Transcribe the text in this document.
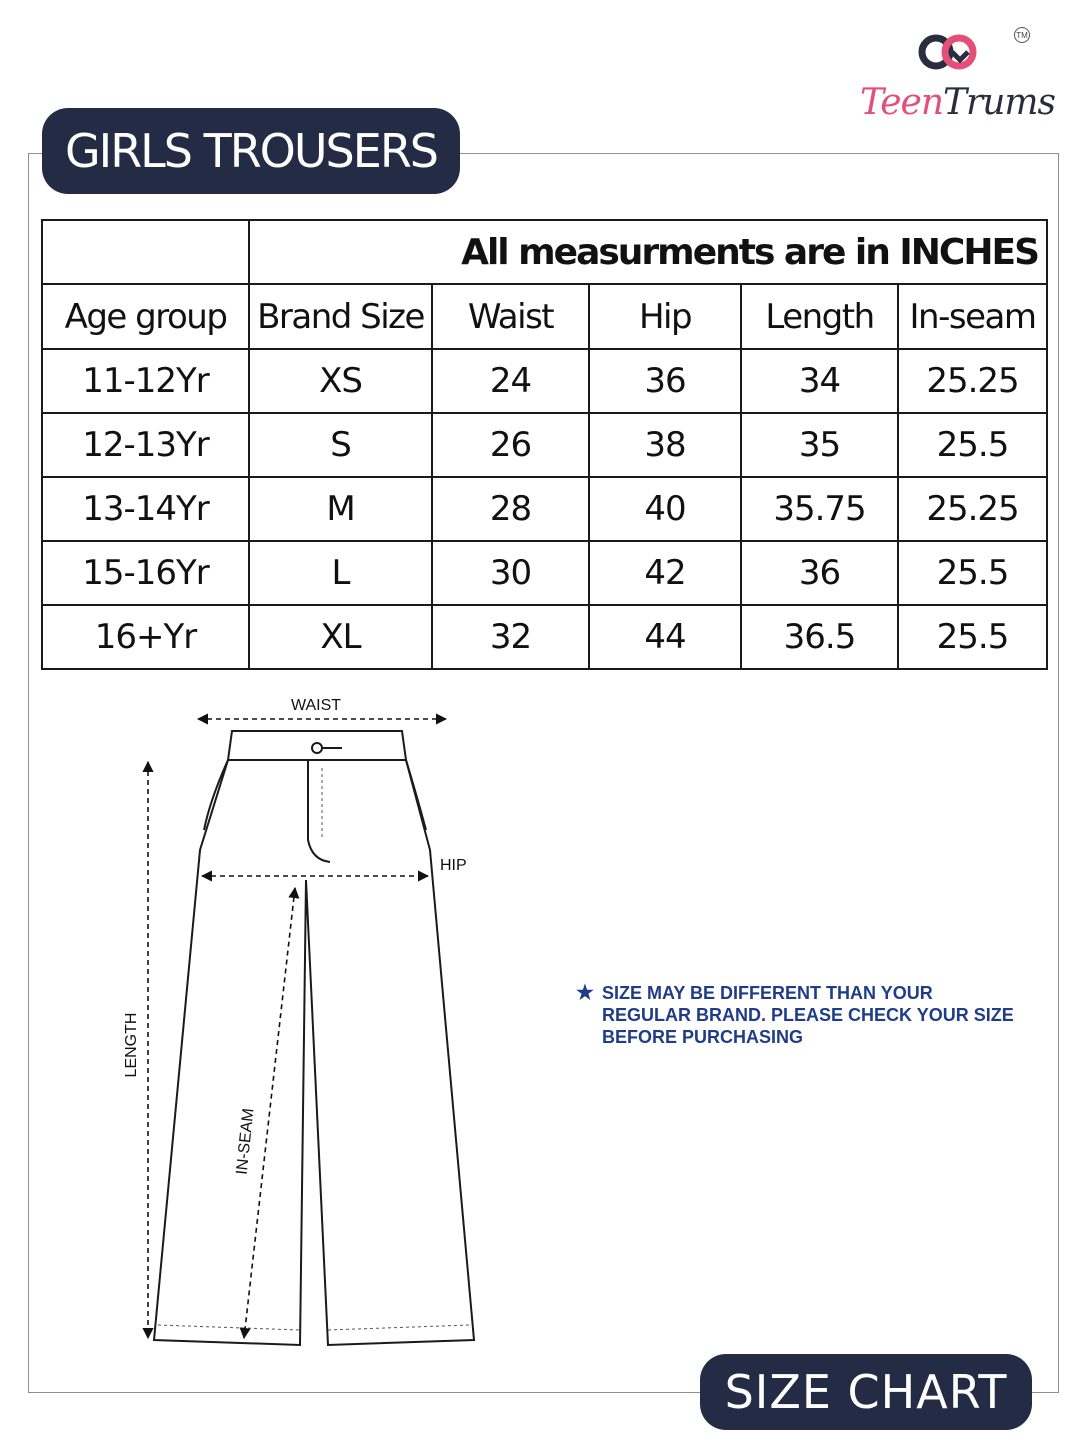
GIRLS TROUSERS
TM
TeenTrums
	All measurments are in INCHES				
Age group	Brand Size	Waist	Hip	Length	In-seam
11-12Yr	XS	24	36	34	25.25
12-13Yr	S	26	38	35	25.5
13-14Yr	M	28	40	35.75	25.25
15-16Yr	L	30	42	36	25.5
16+Yr	XL	32	44	36.5	25.5
WAIST
HIP
LENGTH
IN-SEAM
★ SIZE MAY BE DIFFERENT THAN YOUR
REGULAR BRAND. PLEASE CHECK YOUR SIZE
BEFORE PURCHASING
SIZE CHART
